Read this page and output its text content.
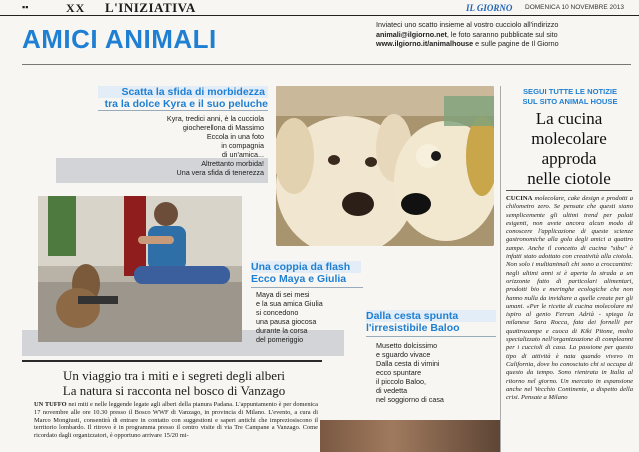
▪▪	XX L'INIZIATIVA	IL GIORNO DOMENICA 10 NOVEMBRE 2013
AMICI ANIMALI	Inviateci uno scatto insieme al vostro cucciolo all'indirizzo
animali@ilgiorno.net, le foto saranno pubblicate sul sito
www.ilgiorno.it/animalhouse e sulle pagine de Il Giorno
Scatta la sfida di morbidezza
tra la dolce Kyra e il suo peluche
Kyra, tredici anni, è la cucciola
giocherellona di Massimo
Eccola in una foto
in compagnia
di un'amica...
Altrettanto morbida!
Una vera sfida di tenerezza
Una coppia da flash
Ecco Maya e Giulia
Maya di sei mesi
e la sua amica Giulia
si concedono
una pausa giocosa
durante la corsa
del pomeriggio
Dalla cesta spunta
l'irresistibile Baloo
Musetto dolcissimo
e sguardo vivace
Dalla cesta di vimini
ecco spuntare
il piccolo Baloo,
di vedetta
nel soggiorno di casa
Un viaggio tra i miti e i segreti degli alberi
La natura si racconta nel bosco di Vanzago
UN TUFFO nei miti e nelle leggende legate agli alberi della pianura Padana. L'appuntamento è per domenica 17 novembre alle ore 10.30 presso il Bosco WWF di Vanzago, in provincia di Milano. L'evento, a cura di Marco Mongiusti, consentirà di entrare in contatto con suggestioni e saperi antichi che impreziosiscono il territorio lombardo. Il ritrovo è in programma presso il centro visite di via Tre Campane a Vanzago. Come ricordato dagli organizzatori, è opportuno arrivare 15/20 mi-
SEGUI TUTTE LE NOTIZIE
SUL SITO ANIMAL HOUSE
La cucina
molecolare
approda
nelle ciotole
CUCINA molecolare, cake design e prodotti a chilometro zero. Se pensate che questi siano semplicemente gli ultimi trend per palati esigenti, non avete ancora alcun modo di conoscere l'applicazione di queste scienze gastronomiche alla gola degli amici a quattro zampe. Anche il concetto di cucina "sibu" è infatti stato adottato con creatività alla ciotola. Non solo i multianimali chi sono a croccantini: negli ultimi anni si è aperta la strada a un orizzonte fatto di particolari alimentari, prodotti bio e meringhe ecologiche che non hanno nulla da invidiare a quelle create per gli umani. «Per le ricette di cucina molecolare mi ispiro al genio Ferran Adrià - spiega la milanese Sara Rocca, fata dei fornelli per quattrozampe e cuoca di Kiki Pitone, molto specializzato nell'organizzazione di compleanni per i cuccioli di casa. La passione per questo tipo di attività è nata quando vivevo in California, dove ho conosciuto chi si occupa di questo da tempo. Sono rientrata in Italia al ritorno nel giorno. Un mercato in espansione anche nel Vecchio Continente, a dispetto della crisi. Pensate a Milano
